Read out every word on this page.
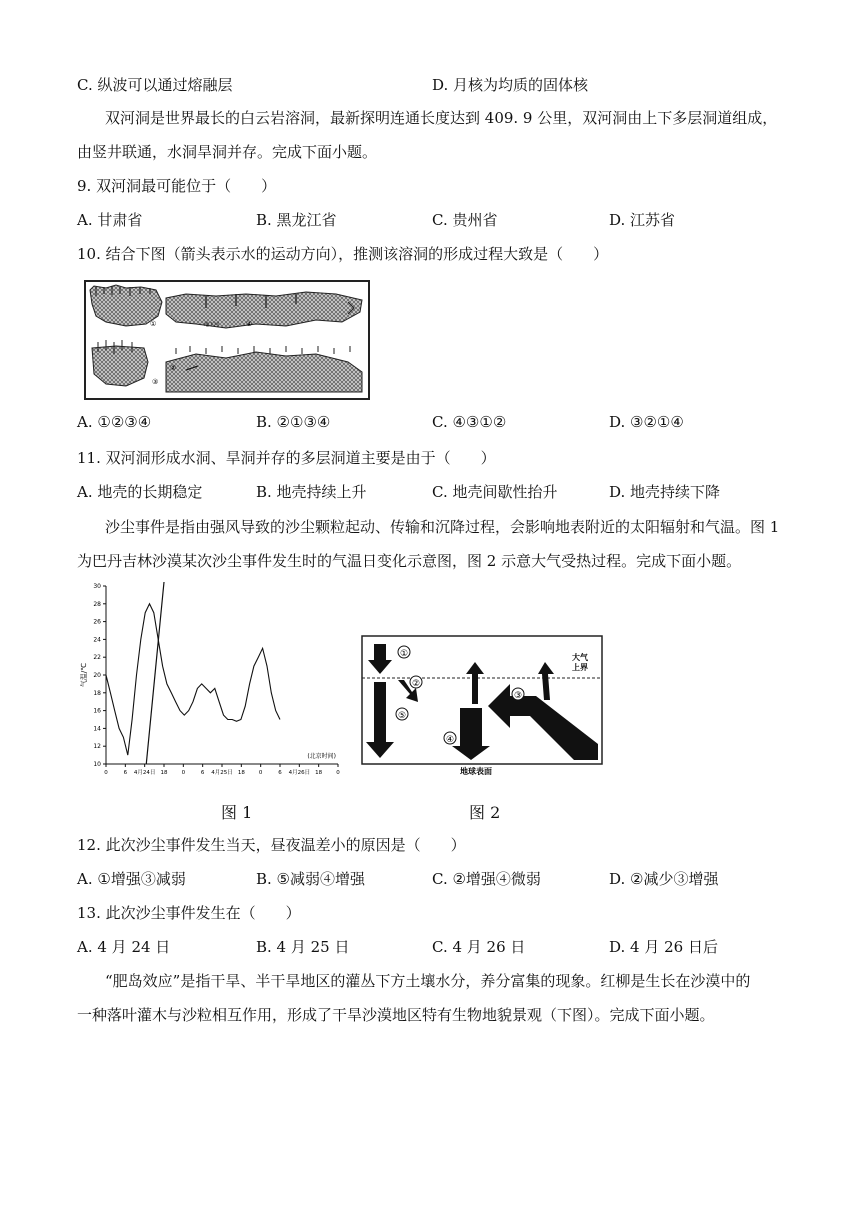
C. 纵波可以通过熔融层	D. 月核为均质的固体核
双河洞是世界最长的白云岩溶洞，最新探明连通长度达到 409. 9 公里，双河洞由上下多层洞道组成，
由竖井联通，水洞旱洞并存。完成下面小题。
9. 双河洞最可能位于（　　）
A. 甘肃省	B. 黑龙江省	C. 贵州省	D. 江苏省
10. 结合下图（箭头表示水的运动方向），推测该溶洞的形成过程大致是（　　）
①	④
③
②
地下河
A. ①②③④	B. ②①③④	C. ④③①②	D. ③②①④
11. 双河洞形成水洞、旱洞并存的多层洞道主要是由于（　　）
A. 地壳的长期稳定	B. 地壳持续上升	C. 地壳间歇性抬升	D. 地壳持续下降
沙尘事件是指由强风导致的沙尘颗粒起动、传输和沉降过程，会影响地表附近的太阳辐射和气温。图 1
为巴丹吉林沙漠某次沙尘事件发生时的气温日变化示意图，图 2 示意大气受热过程。完成下面小题。
10
12
14
16
18
20
22
24
26
28
30
气温/℃
0	6 4月24日 18	0	6 4月25日 18	0	6 4月26日 18	0
(北京时间)
①
⑤
②
④
③
大气
上界
地球表面
图 1	图 2
12. 此次沙尘事件发生当天，昼夜温差小的原因是（　　）
A. ①增强③减弱	B. ⑤减弱④增强	C. ②增强④微弱	D. ②减少③增强
13. 此次沙尘事件发生在（　　）
A. 4 月 24 日	B. 4 月 25 日	C. 4 月 26 日	D. 4 月 26 日后
“肥岛效应”是指干旱、半干旱地区的灌丛下方土壤水分，养分富集的现象。红柳是生长在沙漠中的
一种落叶灌木与沙粒相互作用，形成了干旱沙漠地区特有生物地貌景观（下图）。完成下面小题。
